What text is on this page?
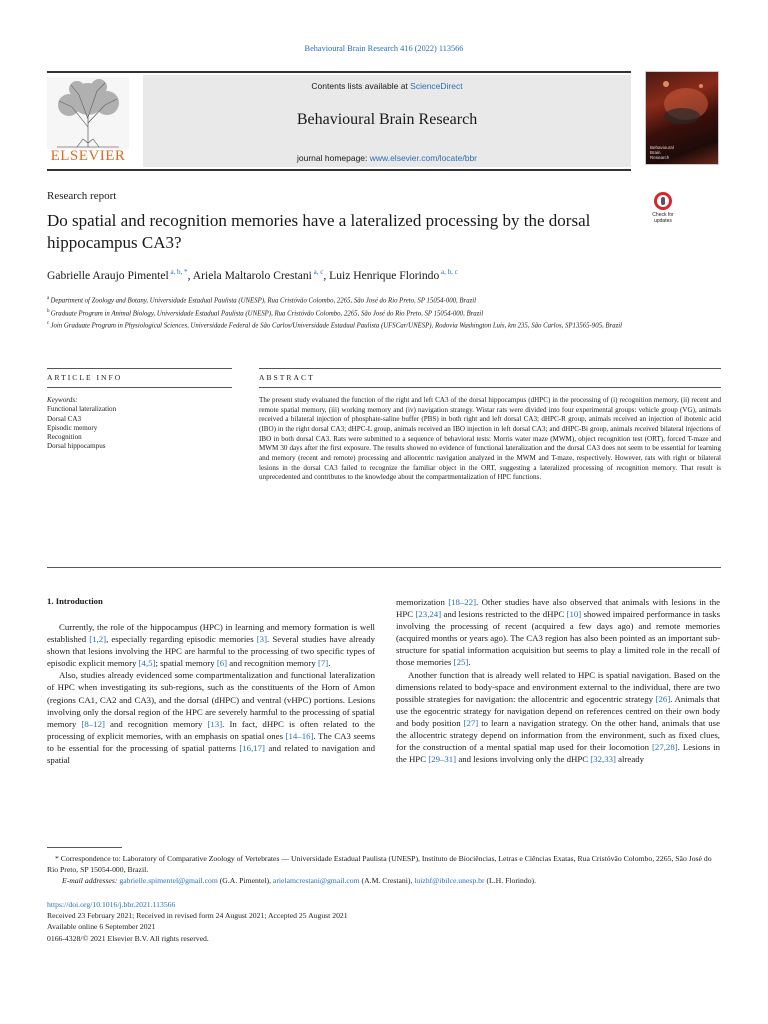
Behavioural Brain Research 416 (2022) 113566
ELSEVIER
Contents lists available at ScienceDirect
Behavioural Brain Research
journal homepage: www.elsevier.com/locate/bbr
Behavioural
Brain
Research
Research report
Do spatial and recognition memories have a lateralized processing by the dorsal hippocampus CA3?
Check for
updates
Gabrielle Araujo Pimentel $^{a, b, *}$, Ariela Maltarolo Crestani $^{a, c}$, Luiz Henrique Florindo $^{a, b, c}$
$^a$ Department of Zoology and Botany, Universidade Estadual Paulista (UNESP), Rua Cristóvão Colombo, 2265, São José do Rio Preto, SP 15054-000, Brazil
$^b$ Graduate Program in Animal Biology, Universidade Estadual Paulista (UNESP), Rua Cristóvão Colombo, 2265, São José do Rio Preto, SP 15054-000, Brazil
$^c$ Join Graduate Program in Physiological Sciences, Universidade Federal de São Carlos/Universidade Estadual Paulista (UFSCar/UNESP), Rodovia Washington Luís, km 235, São Carlos, SP13565-905, Brazil
ARTICLE INFO	ABSTRACT
Keywords:
Functional lateralization
Dorsal CA3
Episodic memory
Recognition
Dorsal hippocampus
The present study evaluated the function of the right and left CA3 of the dorsal hippocampus (dHPC) in the processing of (i) recognition memory, (ii) recent and remote spatial memory, (iii) working memory and (iv) navigation strategy. Wistar rats were divided into four experimental groups: vehicle group (VG), animals received a bilateral injection of phosphate-saline buffer (PBS) in both right and left dorsal CA3; dHPC-R group, animals received an injection of ibotenic acid (IBO) in the right dorsal CA3; dHPC-L group, animals received an IBO injection in left dorsal CA3; and dHPC-Bi group, animals received bilateral injections of IBO in both dorsal CA3. Rats were submitted to a sequence of behavioral tests: Morris water maze (MWM), object recognition test (ORT), forced T-maze and MWM 30 days after the first exposure. The results showed no evidence of functional lateralization and the dorsal CA3 does not seem to be essential for learning and memory (recent and remote) processing and allocentric navigation analyzed in the MWM and T-maze, respectively. However, rats with right or bilateral lesions in the dorsal CA3 failed to recognize the familiar object in the ORT, suggesting a lateralized processing of recognition memory. That result is unprecedented and contributes to the knowledge about the compartmentalization of HPC functions.
1. Introduction

Currently, the role of the hippocampus (HPC) in learning and memory formation is well established [1,2], especially regarding episodic memories [3]. Several studies have already shown that lesions involving the HPC are harmful to the processing of two specific types of episodic explicit memory [4,5]; spatial memory [6] and recognition memory [7].

Also, studies already evidenced some compartmentalization and functional lateralization of HPC when investigating its sub-regions, such as the constituents of the Horn of Amon (regions CA1, CA2 and CA3), and the dorsal (dHPC) and ventral (vHPC) portions. Lesions involving only the dorsal region of the HPC are severely harmful to the processing of spatial memory [8–12] and recognition memory [13]. In fact, dHPC is often related to the processing of explicit memories, with an emphasis on spatial ones [14–16]. The CA3 seems to be essential for the processing of spatial patterns [16,17] and related to navigation and spatial

memorization [18–22]. Other studies have also observed that animals with lesions in the HPC [23,24] and lesions restricted to the dHPC [10] showed impaired performance in tasks involving the processing of recent (acquired a few days ago) and remote memories (acquired months or years ago). The CA3 region has also been pointed as an important sub-structure for spatial information acquisition but seems to play a limited role in the recall of those memories [25].

Another function that is already well related to HPC is spatial navigation. Based on the dimensions related to body-space and environment external to the individual, there are two possible strategies for navigation: the allocentric and egocentric strategy [26]. Animals that use the egocentric strategy for navigation depend on references centred on their own body and body position [27] to learn a navigation strategy. On the other hand, animals that use the allocentric strategy depend on information from the environment, such as fixed clues, for the construction of a mental spatial map used for their locomotion [27,28]. Lesions in the HPC [29–31] and lesions involving only the dHPC [32,33] already

* Correspondence to: Laboratory of Comparative Zoology of Vertebrates — Universidade Estadual Paulista (UNESP), Instituto de Biociências, Letras e Ciências Exatas, Rua Cristóvão Colombo, 2265, São José do Rio Preto, SP 15054-000, Brazil.
E-mail addresses: gabrielle.spimentel@gmail.com (G.A. Pimentel), arielamcrestani@gmail.com (A.M. Crestani), luizhf@ibilce.unesp.br (L.H. Florindo).
https://doi.org/10.1016/j.bbr.2021.113566
Received 23 February 2021; Received in revised form 24 August 2021; Accepted 25 August 2021
Available online 6 September 2021
0166-4328/© 2021 Elsevier B.V. All rights reserved.
